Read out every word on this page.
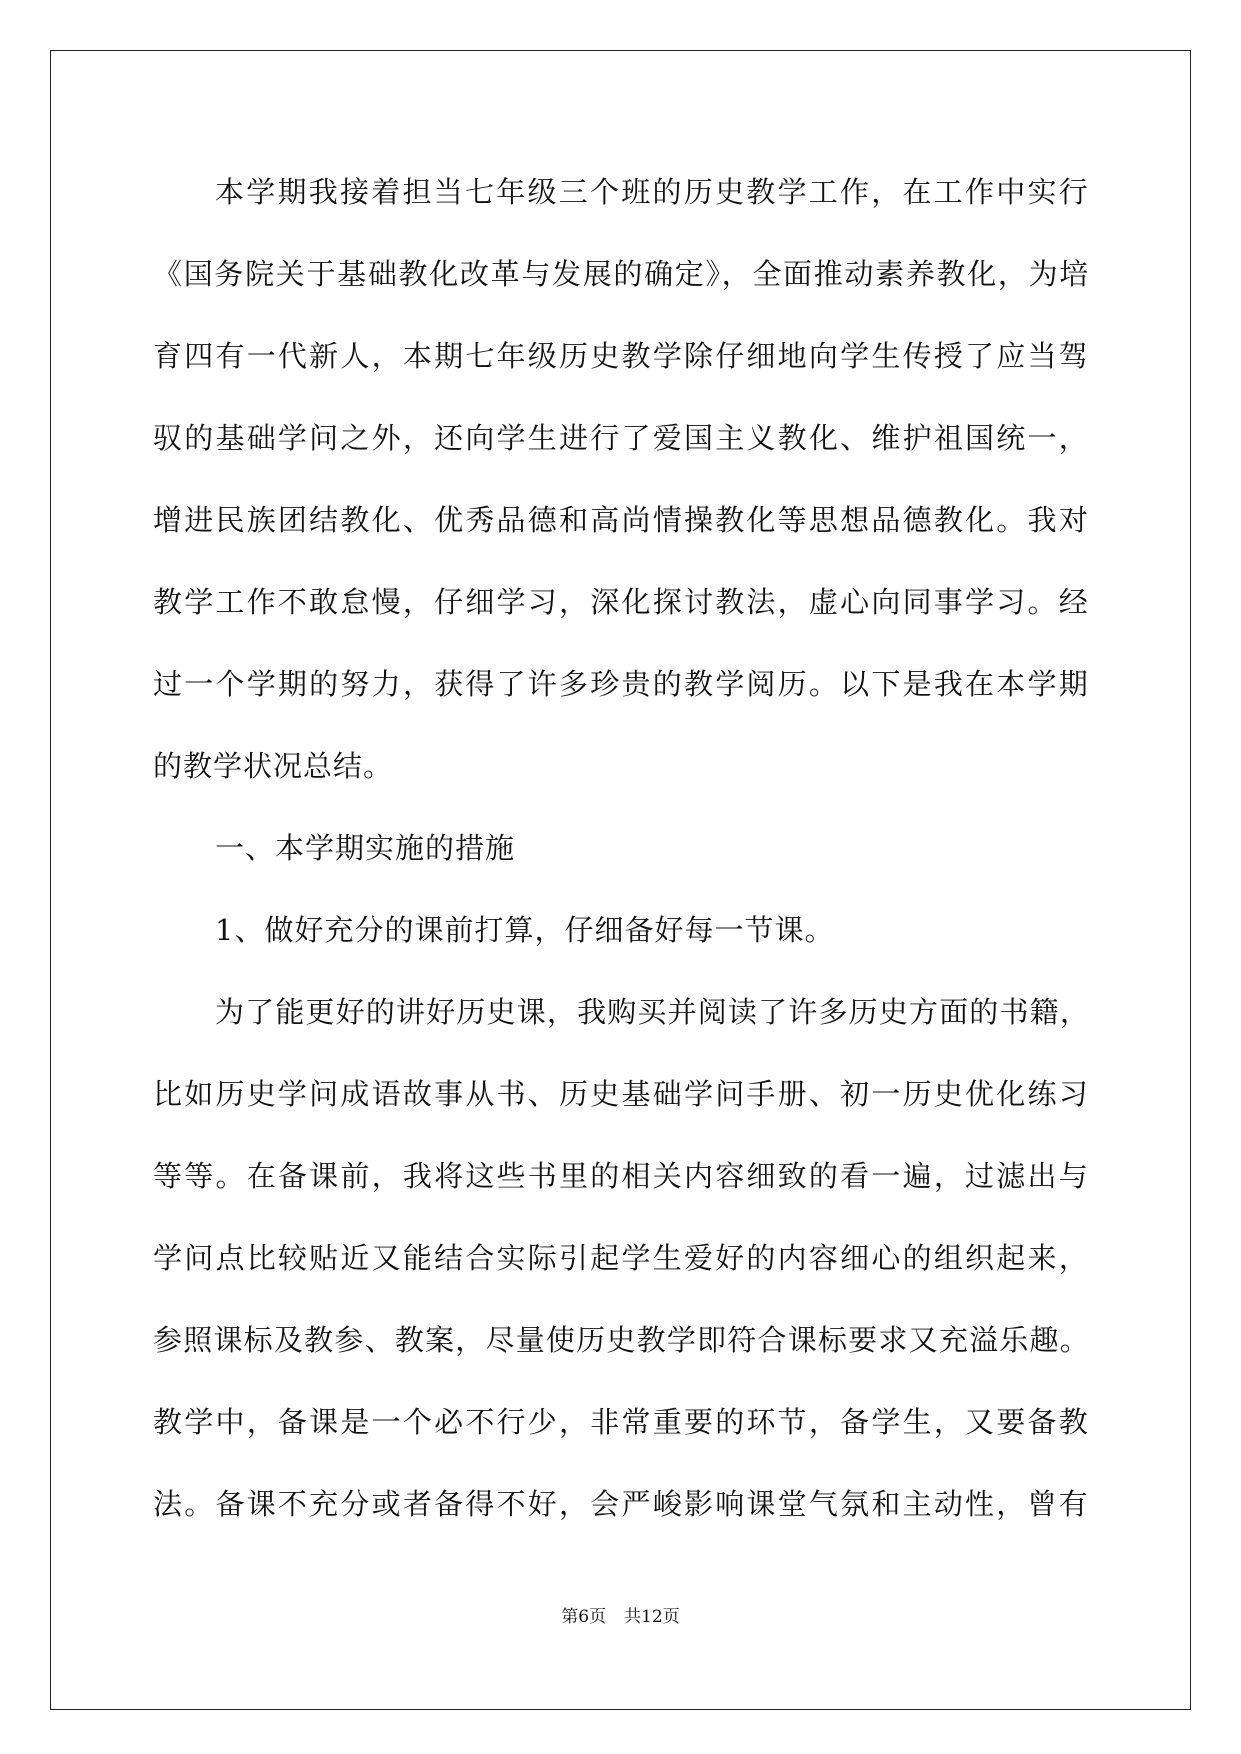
本学期我接着担当七年级三个班的历史教学工作，在工作中实行
《国务院关于基础教化改革与发展的确定》，全面推动素养教化，为培
育四有一代新人，本期七年级历史教学除仔细地向学生传授了应当驾
驭的基础学问之外，还向学生进行了爱国主义教化、维护祖国统一，
增进民族团结教化、优秀品德和高尚情操教化等思想品德教化。我对
教学工作不敢怠慢，仔细学习，深化探讨教法，虚心向同事学习。经
过一个学期的努力，获得了许多珍贵的教学阅历。以下是我在本学期
的教学状况总结。
一、本学期实施的措施
1、做好充分的课前打算，仔细备好每一节课。
为了能更好的讲好历史课，我购买并阅读了许多历史方面的书籍，
比如历史学问成语故事从书、历史基础学问手册、初一历史优化练习
等等。在备课前，我将这些书里的相关内容细致的看一遍，过滤出与
学问点比较贴近又能结合实际引起学生爱好的内容细心的组织起来，
参照课标及教参、教案，尽量使历史教学即符合课标要求又充溢乐趣。
教学中，备课是一个必不行少，非常重要的环节，备学生，又要备教
法。备课不充分或者备得不好，会严峻影响课堂气氛和主动性，曾有
第6页 共12页
